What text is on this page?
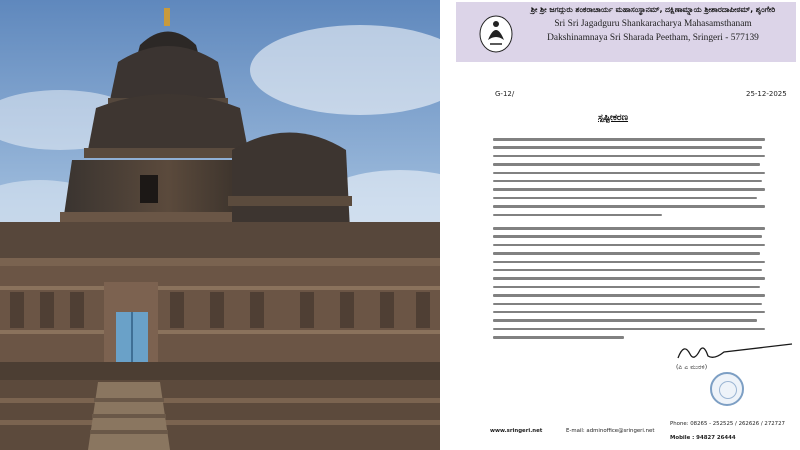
ಶ್ರೀ ಶ್ರೀ ಜಗದ್ಗುರು ಶಂಕರಾಚಾರ್ಯ ಮಹಾಸಂಸ್ಥಾನಮ್, ದಕ್ಷಿಣಾಮ್ನಾಯ ಶ್ರೀಶಾರದಾಪೀಠಮ್, ಶೃಂಗೇರಿ
Sri Sri Jagadguru Shankaracharya Mahasamsthanam
Dakshinamnaya Sri Sharada Peetham, Sringeri - 577139
G-12/	25-12-2025
ಸ್ಪಷ್ಟೀಕರಣ
(ಪಿ ಎ ಮುರಳಿ)
www.sringeri.net	E-mail: adminoffice@sringeri.net
Phone: 08265 - 252525 / 262626 / 272727
Mobile : 94827 26444
